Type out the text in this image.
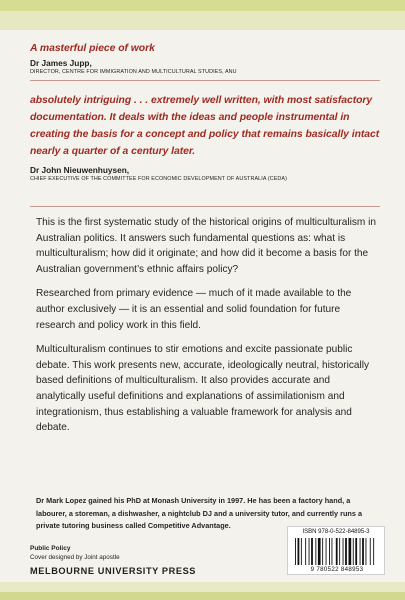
A masterful piece of work
Dr James Jupp,
DIRECTOR, CENTRE FOR IMMIGRATION AND MULTICULTURAL STUDIES, ANU
absolutely intriguing . . . extremely well written, with most satisfactory documentation. It deals with the ideas and people instrumental in creating the basis for a concept and policy that remains basically intact nearly a quarter of a century later.
Dr John Nieuwenhuysen,
CHIEF EXECUTIVE OF THE COMMITTEE FOR ECONOMIC DEVELOPMENT OF AUSTRALIA (CEDA)

This is the first systematic study of the historical origins of multiculturalism in Australian politics. It answers such fundamental questions as: what is multiculturalism; how did it originate; and how did it become a basis for the Australian government’s ethnic affairs policy?

Researched from primary evidence — much of it made available to the author exclusively — it is an essential and solid foundation for future research and policy work in this field.

Multiculturalism continues to stir emotions and excite passionate public debate. This work presents new, accurate, ideologically neutral, historically based definitions of multiculturalism. It also provides accurate and analytically useful definitions and explanations of assimilationism and integrationism, thus establishing a valuable framework for analysis and debate.

Dr Mark Lopez gained his PhD at Monash University in 1997. He has been a factory hand, a labourer, a storeman, a dishwasher, a nightclub DJ and a university tutor, and currently runs a private tutoring business called Competitive Advantage.
ISBN 978-0-522-84895-3
9 780522 848953
Public Policy
Cover designed by Joint apostle
MELBOURNE UNIVERSITY PRESS
